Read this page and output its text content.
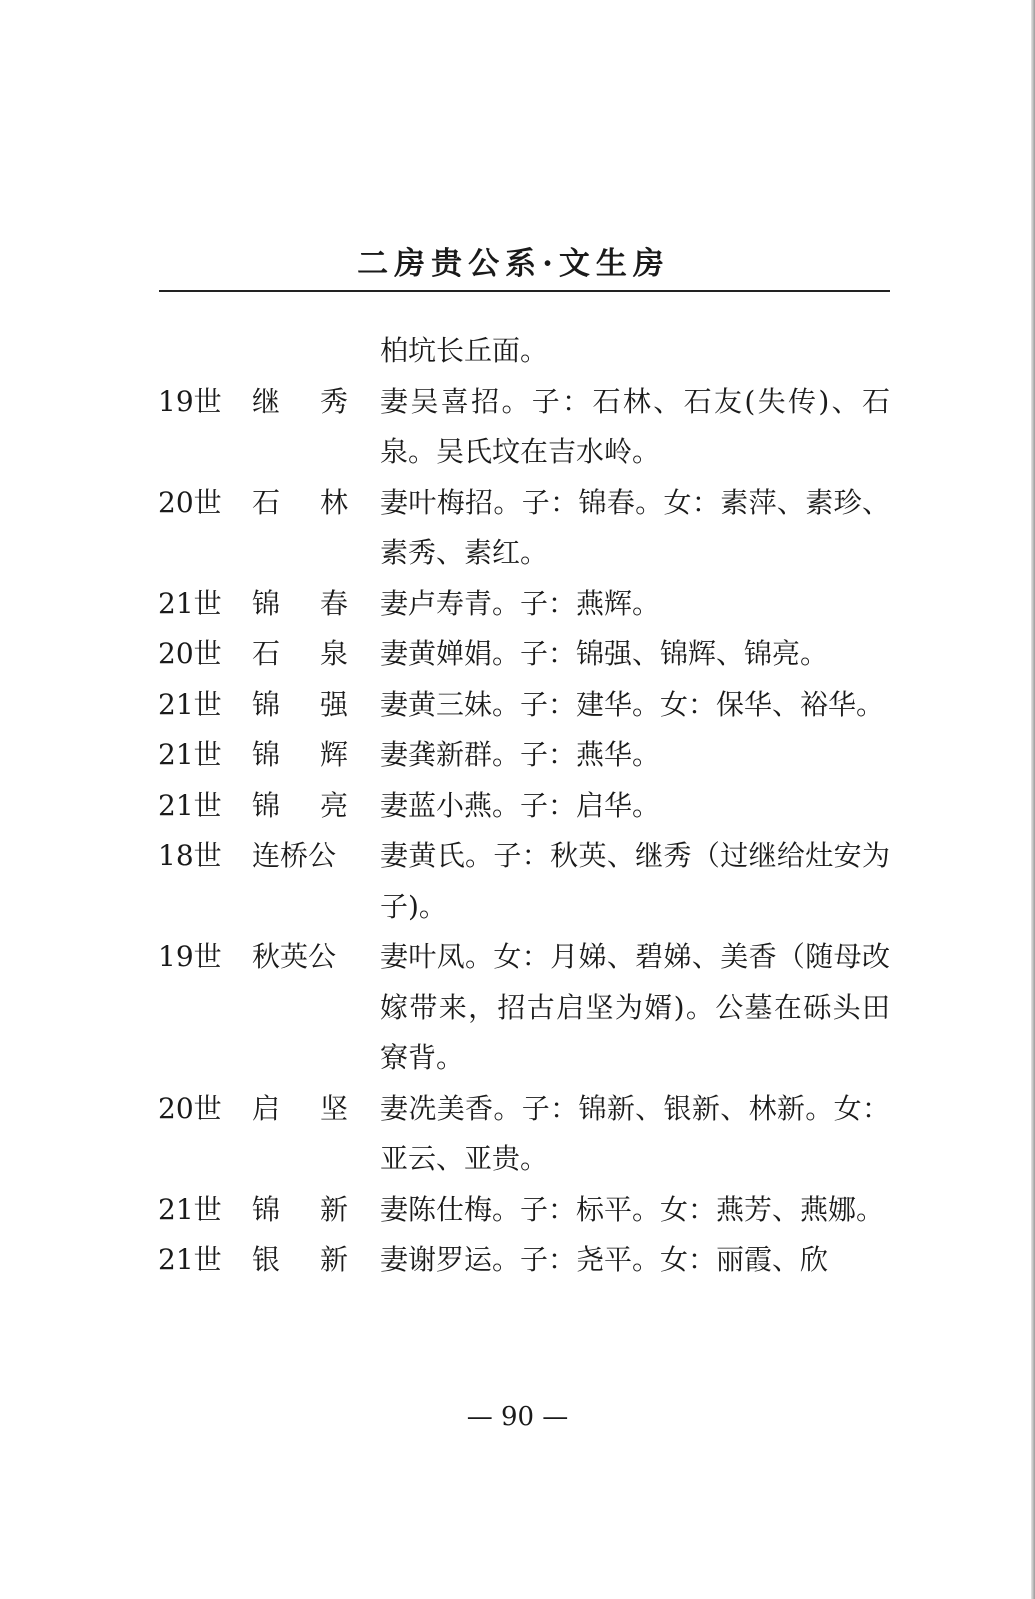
二房贵公系·文生房
柏坑长丘面。
19世 继 秀 妻吴喜招。子：石林、石友(失传)、石泉。吴氏坟在吉水岭。
20世 石 林 妻叶梅招。子：锦春。女：素萍、素珍、素秀、素红。
21世 锦 春 妻卢寿青。子：燕辉。
20世 石 泉 妻黄婵娟。子：锦强、锦辉、锦亮。
21世 锦 强 妻黄三妹。子：建华。女：保华、裕华。
21世 锦 辉 妻龚新群。子：燕华。
21世 锦 亮 妻蓝小燕。子：启华。
18世 连桥公	妻黄氏。子：秋英、继秀（过继给灶安为子)。
19世 秋英公	妻叶凤。女：月娣、碧娣、美香（随母改嫁带来，招古启坚为婿)。公墓在砾头田寮背。
20世 启 坚 妻冼美香。子：锦新、银新、林新。女：亚云、亚贵。
21世 锦 新 妻陈仕梅。子：标平。女：燕芳、燕娜。
21世 银 新 妻谢罗运。子：尧平。女：丽霞、欣
— 90 —
